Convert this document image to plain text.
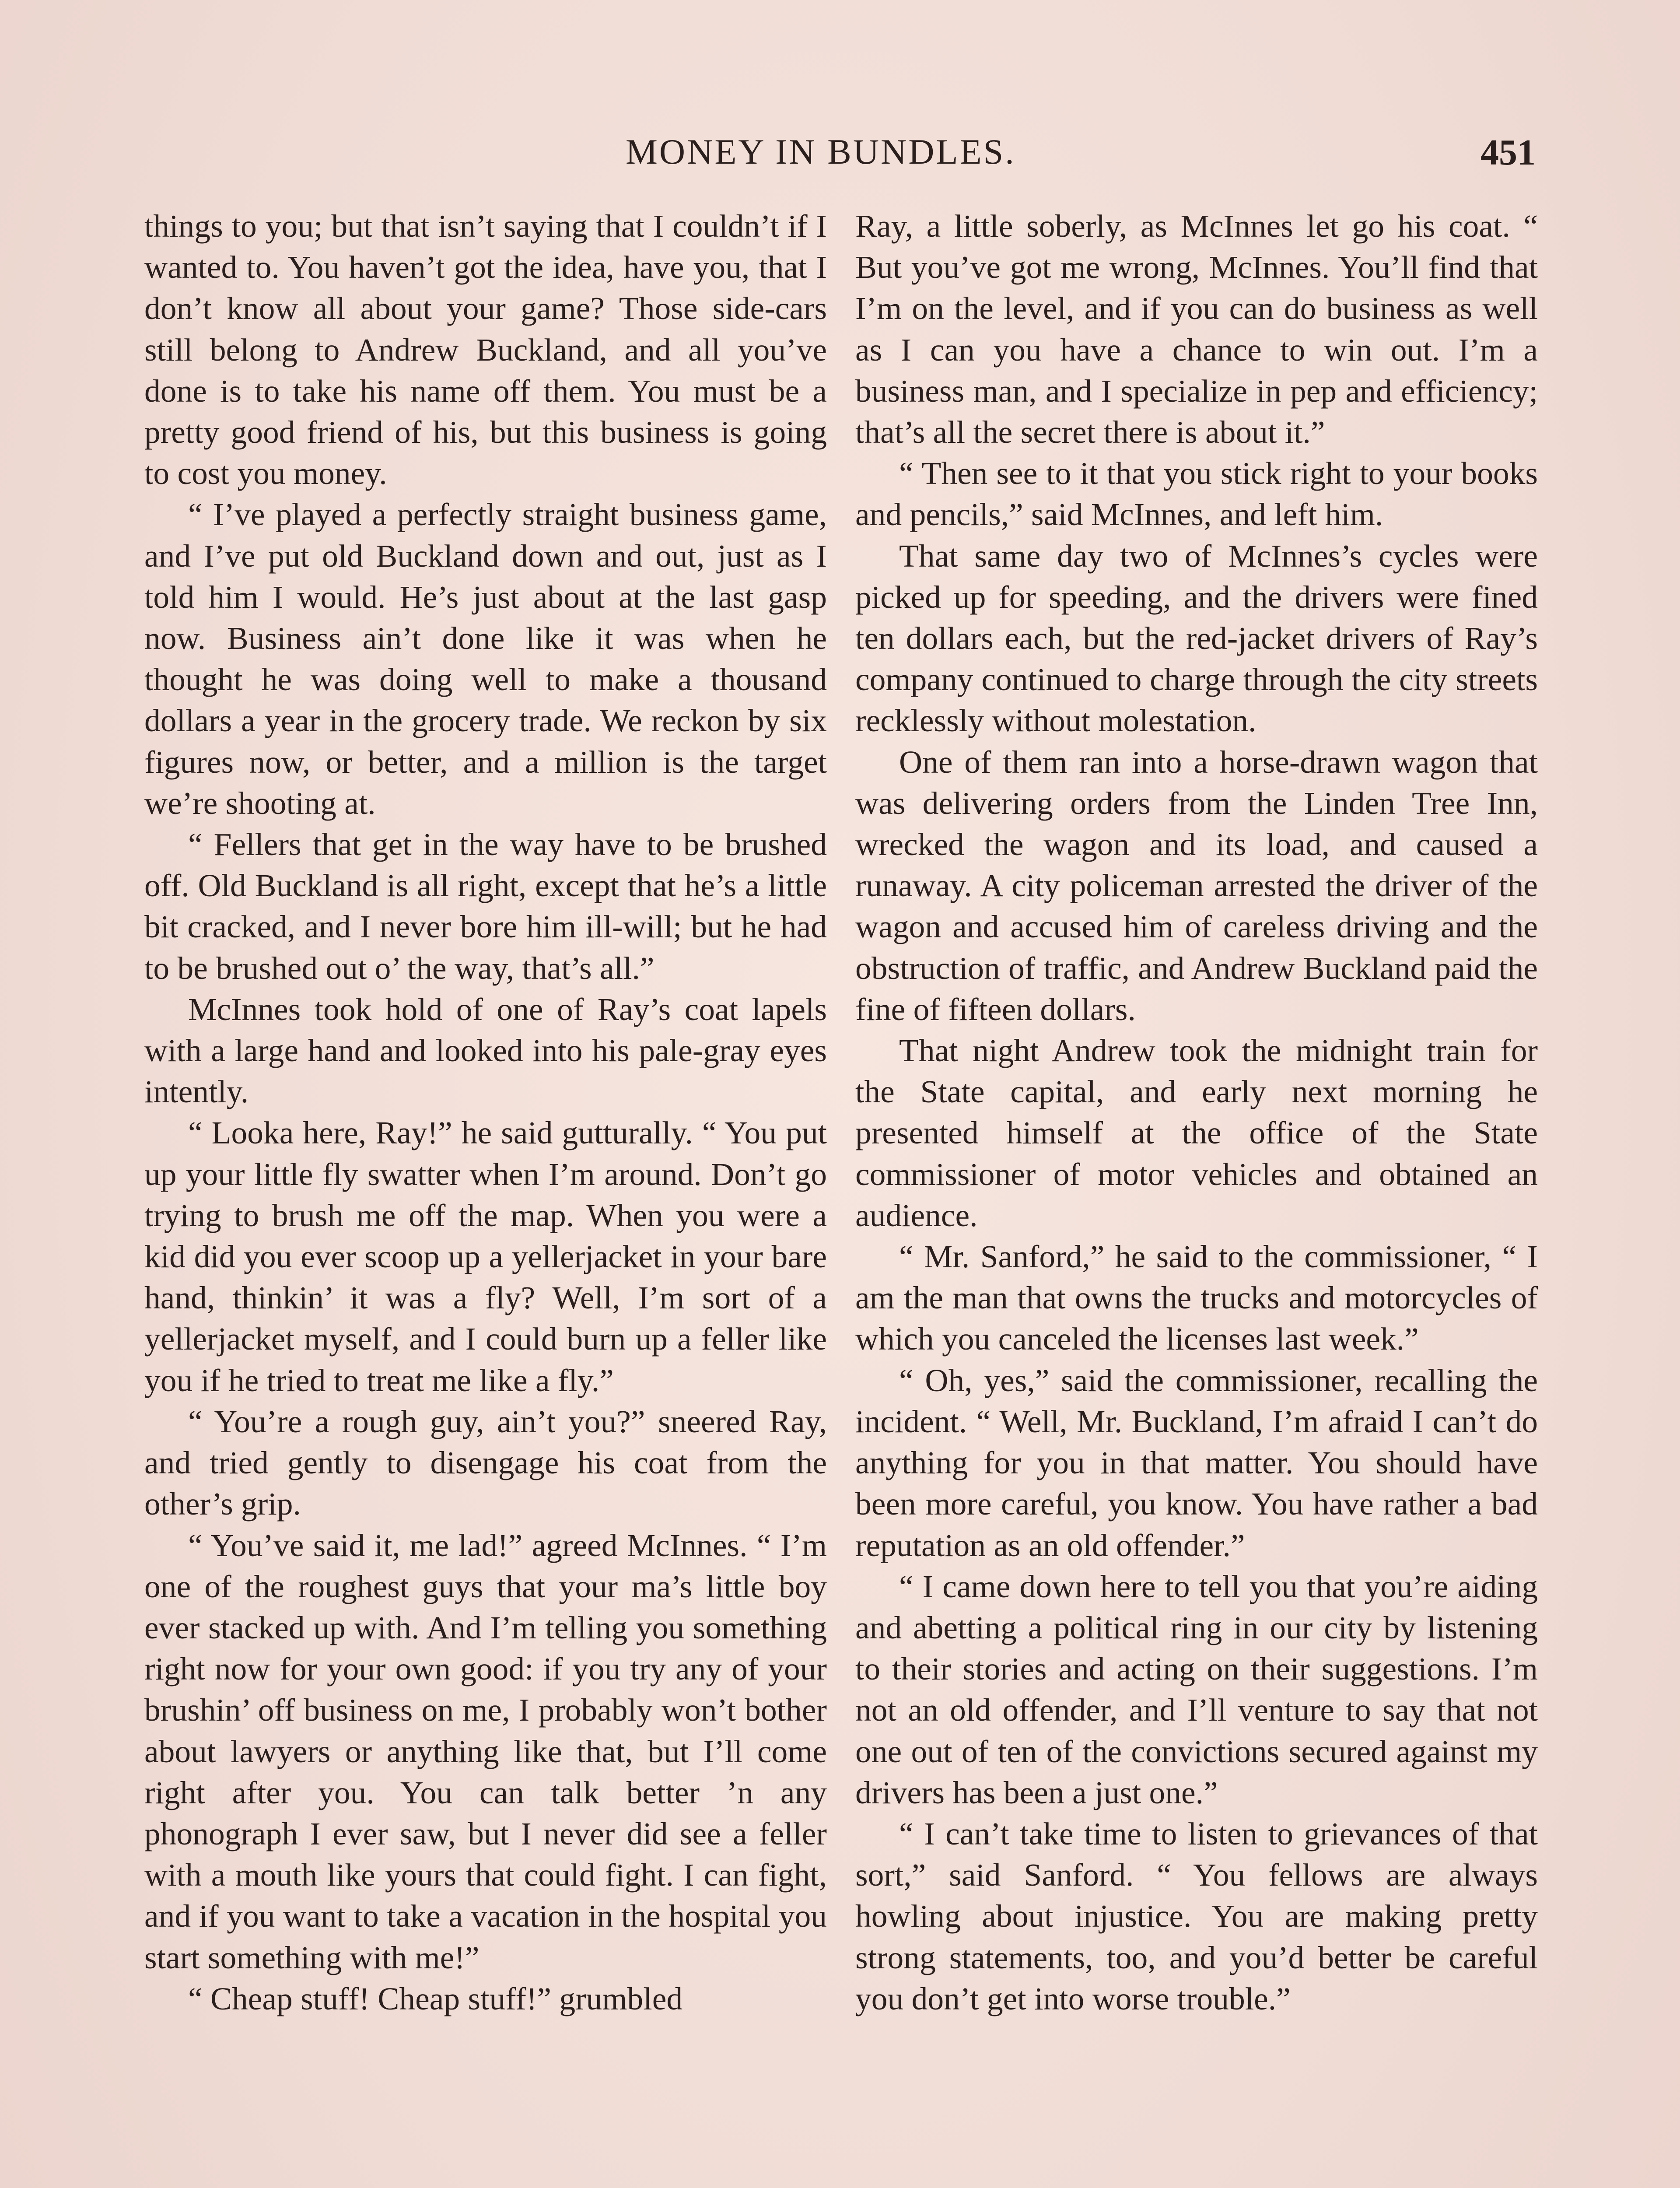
MONEY IN BUNDLES.	451

things to you; but that isn’t saying that I couldn’t if I wanted to. You haven’t got the idea, have you, that I don’t know all about your game? Those side-cars still belong to Andrew Buckland, and all you’ve done is to take his name off them. You must be a pretty good friend of his, but this business is going to cost you money.

“ I’ve played a perfectly straight business game, and I’ve put old Buckland down and out, just as I told him I would. He’s just about at the last gasp now. Business ain’t done like it was when he thought he was doing well to make a thousand dollars a year in the grocery trade. We reckon by six figures now, or better, and a million is the target we’re shooting at.

“ Fellers that get in the way have to be brushed off. Old Buckland is all right, except that he’s a little bit cracked, and I never bore him ill-will; but he had to be brushed out o’ the way, that’s all.”

McInnes took hold of one of Ray’s coat lapels with a large hand and looked into his pale-gray eyes intently.

“ Looka here, Ray!” he said gutturally. “ You put up your little fly swatter when I’m around. Don’t go trying to brush me off the map. When you were a kid did you ever scoop up a yellerjacket in your bare hand, thinkin’ it was a fly? Well, I’m sort of a yellerjacket myself, and I could burn up a feller like you if he tried to treat me like a fly.”

“ You’re a rough guy, ain’t you?” sneered Ray, and tried gently to disengage his coat from the other’s grip.

“ You’ve said it, me lad!” agreed McInnes. “ I’m one of the roughest guys that your ma’s little boy ever stacked up with. And I’m telling you something right now for your own good: if you try any of your brushin’ off business on me, I probably won’t bother about lawyers or anything like that, but I’ll come right after you. You can talk better ’n any phonograph I ever saw, but I never did see a feller with a mouth like yours that could fight. I can fight, and if you want to take a vacation in the hospital you start something with me!”

“ Cheap stuff! Cheap stuff!” grumbled

Ray, a little soberly, as McInnes let go his coat. “ But you’ve got me wrong, McInnes. You’ll find that I’m on the level, and if you can do business as well as I can you have a chance to win out. I’m a business man, and I specialize in pep and efficiency; that’s all the secret there is about it.”

“ Then see to it that you stick right to your books and pencils,” said McInnes, and left him.

That same day two of McInnes’s cycles were picked up for speeding, and the drivers were fined ten dollars each, but the red-jacket drivers of Ray’s company continued to charge through the city streets recklessly without molestation.

One of them ran into a horse-drawn wagon that was delivering orders from the Linden Tree Inn, wrecked the wagon and its load, and caused a runaway. A city policeman arrested the driver of the wagon and accused him of careless driving and the obstruction of traffic, and Andrew Buckland paid the fine of fifteen dollars.

That night Andrew took the midnight train for the State capital, and early next morning he presented himself at the office of the State commissioner of motor vehicles and obtained an audience.

“ Mr. Sanford,” he said to the commissioner, “ I am the man that owns the trucks and motorcycles of which you canceled the licenses last week.”

“ Oh, yes,” said the commissioner, recalling the incident. “ Well, Mr. Buckland, I’m afraid I can’t do anything for you in that matter. You should have been more careful, you know. You have rather a bad reputation as an old offender.”

“ I came down here to tell you that you’re aiding and abetting a political ring in our city by listening to their stories and acting on their suggestions. I’m not an old offender, and I’ll venture to say that not one out of ten of the convictions secured against my drivers has been a just one.”

“ I can’t take time to listen to grievances of that sort,” said Sanford. “ You fellows are always howling about injustice. You are making pretty strong statements, too, and you’d better be careful you don’t get into worse trouble.”
